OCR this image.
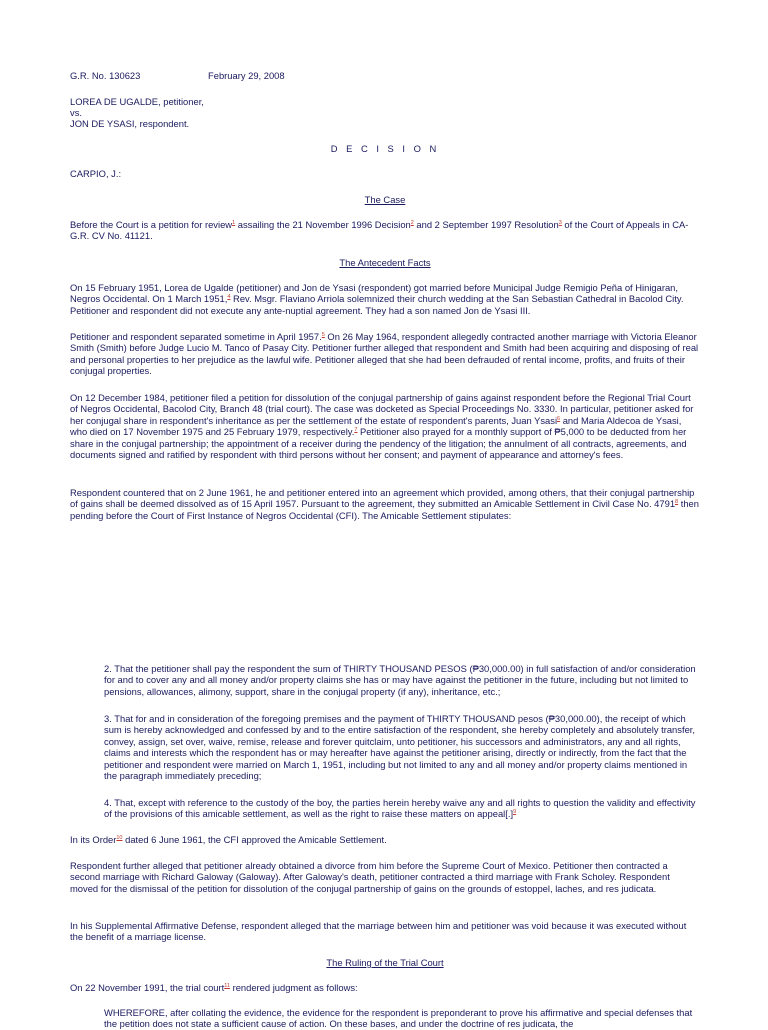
G.R. No. 130623	February 29, 2008

LOREA DE UGALDE, petitioner,

vs.

JON DE YSASI, respondent.

D E C I S I O N

CARPIO, J.:

The Case

Before the Court is a petition for review$^1$ assailing the 21 November 1996 Decision$^2$ and 2 September 1997 Resolution$^3$ of the Court of Appeals in CA-G.R. CV No. 41121.

The Antecedent Facts

On 15 February 1951, Lorea de Ugalde (petitioner) and Jon de Ysasi (respondent) got married before Municipal Judge Remigio Peña of Hinigaran, Negros Occidental. On 1 March 1951,$^4$ Rev. Msgr. Flaviano Arriola solemnized their church wedding at the San Sebastian Cathedral in Bacolod City. Petitioner and respondent did not execute any ante-nuptial agreement. They had a son named Jon de Ysasi III.

Petitioner and respondent separated sometime in April 1957.$^5$ On 26 May 1964, respondent allegedly contracted another marriage with Victoria Eleanor Smith (Smith) before Judge Lucio M. Tanco of Pasay City. Petitioner further alleged that respondent and Smith had been acquiring and disposing of real and personal properties to her prejudice as the lawful wife. Petitioner alleged that she had been defrauded of rental income, profits, and fruits of their conjugal properties.

On 12 December 1984, petitioner filed a petition for dissolution of the conjugal partnership of gains against respondent before the Regional Trial Court of Negros Occidental, Bacolod City, Branch 48 (trial court). The case was docketed as Special Proceedings No. 3330. In particular, petitioner asked for her conjugal share in respondent's inheritance as per the settlement of the estate of respondent's parents, Juan Ysasi$^6$ and Maria Aldecoa de Ysasi, who died on 17 November 1975 and 25 February 1979, respectively.$^7$ Petitioner also prayed for a monthly support of ₱5,000 to be deducted from her share in the conjugal partnership; the appointment of a receiver during the pendency of the litigation; the annulment of all contracts, agreements, and documents signed and ratified by respondent with third persons without her consent; and payment of appearance and attorney's fees.

Respondent countered that on 2 June 1961, he and petitioner entered into an agreement which provided, among others, that their conjugal partnership of gains shall be deemed dissolved as of 15 April 1957. Pursuant to the agreement, they submitted an Amicable Settlement in Civil Case No. 4791$^8$ then pending before the Court of First Instance of Negros Occidental (CFI). The Amicable Settlement stipulates:

2. That the petitioner shall pay the respondent the sum of THIRTY THOUSAND PESOS (₱30,000.00) in full satisfaction of and/or consideration for and to cover any and all money and/or property claims she has or may have against the petitioner in the future, including but not limited to pensions, allowances, alimony, support, share in the conjugal property (if any), inheritance, etc.;

3. That for and in consideration of the foregoing premises and the payment of THIRTY THOUSAND pesos (₱30,000.00), the receipt of which sum is hereby acknowledged and confessed by and to the entire satisfaction of the respondent, she hereby completely and absolutely transfer, convey, assign, set over, waive, remise, release and forever quitclaim, unto petitioner, his successors and administrators, any and all rights, claims and interests which the respondent has or may hereafter have against the petitioner arising, directly or indirectly, from the fact that the petitioner and respondent were married on March 1, 1951, including but not limited to any and all money and/or property claims mentioned in the paragraph immediately preceding;

4. That, except with reference to the custody of the boy, the parties herein hereby waive any and all rights to question the validity and effectivity of the provisions of this amicable settlement, as well as the right to raise these matters on appeal[.]$^9$

In its Order$^{10}$ dated 6 June 1961, the CFI approved the Amicable Settlement.

Respondent further alleged that petitioner already obtained a divorce from him before the Supreme Court of Mexico. Petitioner then contracted a second marriage with Richard Galoway (Galoway). After Galoway's death, petitioner contracted a third marriage with Frank Scholey. Respondent moved for the dismissal of the petition for dissolution of the conjugal partnership of gains on the grounds of estoppel, laches, and res judicata.

In his Supplemental Affirmative Defense, respondent alleged that the marriage between him and petitioner was void because it was executed without the benefit of a marriage license.

The Ruling of the Trial Court

On 22 November 1991, the trial court$^{11}$ rendered judgment as follows:

WHEREFORE, after collating the evidence, the evidence for the respondent is preponderant to prove his affirmative and special defenses that the petition does not state a sufficient cause of action. On these bases, and under the doctrine of res judicata, the
